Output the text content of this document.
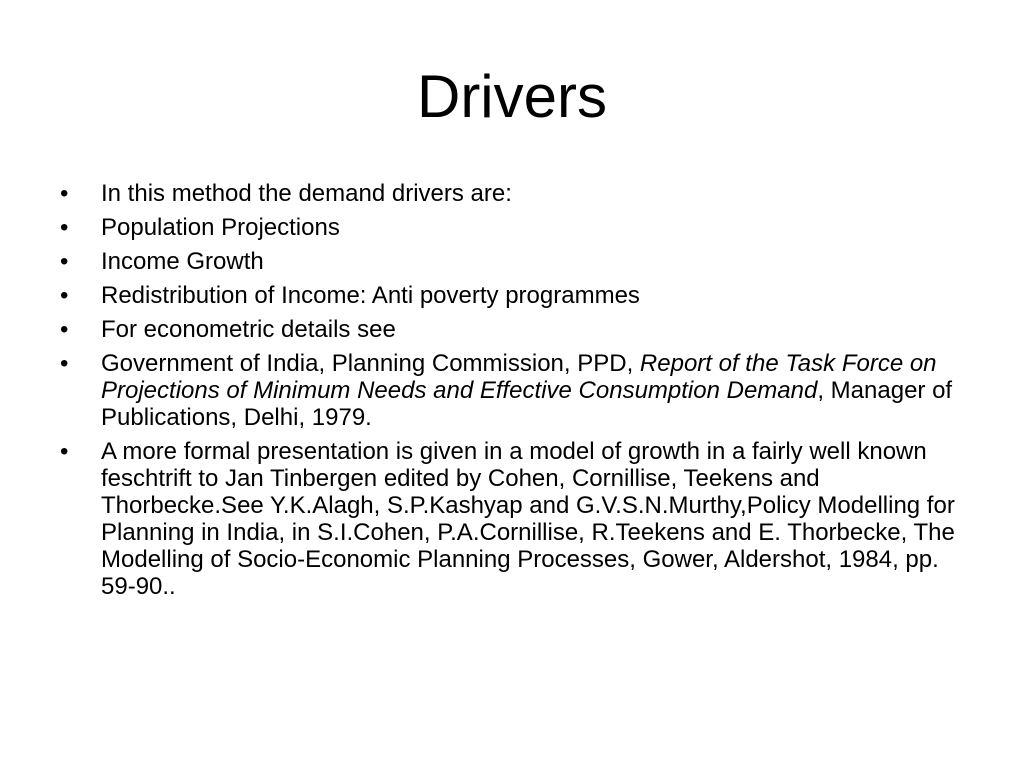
Drivers
• In this method the demand drivers are:
• Population Projections
• Income Growth
• Redistribution of Income: Anti poverty programmes
• For econometric details see
• Government of India, Planning Commission, PPD, Report of the Task Force on Projections of Minimum Needs and Effective Consumption Demand, Manager of Publications, Delhi, 1979.
• A more formal presentation is given in a model of growth in a fairly well known feschtrift to Jan Tinbergen edited by Cohen, Cornillise, Teekens and Thorbecke.See Y.K.Alagh, S.P.Kashyap and G.V.S.N.Murthy,Policy Modelling for Planning in India, in S.I.Cohen, P.A.Cornillise, R.Teekens and E. Thorbecke, The Modelling of Socio-Economic Planning Processes, Gower, Aldershot, 1984, pp. 59-90..
